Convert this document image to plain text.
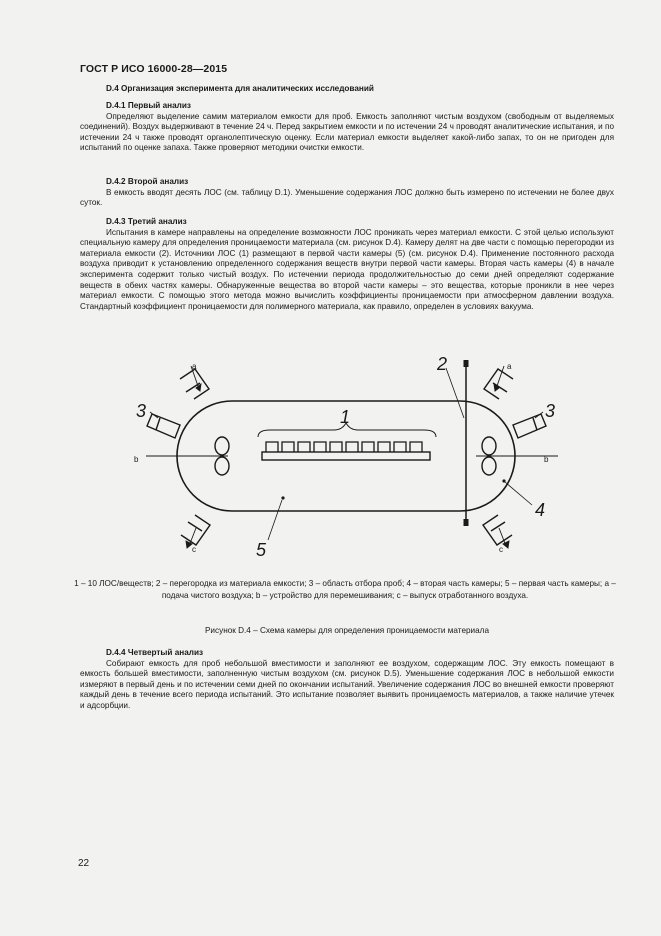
ГОСТ Р ИСО 16000-28—2015
D.4 Организация эксперимента для аналитических исследований
D.4.1 Первый анализ

Определяют выделение самим материалом емкости для проб. Емкость заполняют чистым воздухом (свободным от выделяемых соединений). Воздух выдерживают в течение 24 ч. Перед закрытием емкости и по истечении 24 ч проводят аналитические испытания, и по истечении 24 ч также проводят органолептическую оценку. Если материал емкости выделяет какой-либо запах, то он не пригоден для испытаний по оценке запаха. Также проверяют методики очистки емкости.

D.4.2 Второй анализ

В емкость вводят десять ЛОС (см. таблицу D.1). Уменьшение содержания ЛОС должно быть измерено по истечении не более двух суток.

D.4.3 Третий анализ

Испытания в камере направлены на определение возможности ЛОС проникать через материал емкости. С этой целью используют специальную камеру для определения проницаемости материала (см. рисунок D.4). Камеру делят на две части с помощью перегородки из материала емкости (2). Источники ЛОС (1) размещают в первой части камеры (5) (см. рисунок D.4). Применение постоянного расхода воздуха приводит к установлению определенного содержания веществ внутри первой части камеры. Вторая часть камеры (4) в начале эксперимента содержит только чистый воздух. По истечении периода продолжительностью до семи дней определяют содержание веществ в обеих частях камеры. Обнаруженные вещества во второй части камеры – это вещества, которые проникли в нее через материал емкости. С помощью этого метода можно вычислить коэффициенты проницаемости при атмосферном давлении воздуха. Стандартный коэффициент проницаемости для полимерного материала, как правило, определен в условиях вакуума.

1
2
3	3
4
5
a	a
b	b
c	c
1 – 10 ЛОС/веществ; 2 – перегородка из материала емкости; 3 – область отбора проб; 4 – вторая часть камеры; 5 – первая часть камеры; a – подача чистого воздуха; b – устройство для перемешивания; c – выпуск отработанного воздуха.
Рисунок D.4 – Схема камеры для определения проницаемости материала
D.4.4 Четвертый анализ

Собирают емкость для проб небольшой вместимости и заполняют ее воздухом, содержащим ЛОС. Эту емкость помещают в емкость большей вместимости, заполненную чистым воздухом (см. рисунок D.5). Уменьшение содержания ЛОС в небольшой емкости измеряют в первый день и по истечении семи дней по окончании испытаний. Увеличение содержания ЛОС во внешней емкости проверяют каждый день в течение всего периода испытаний. Это испытание позволяет выявить проницаемость материалов, а также наличие утечек и адсорбции.

22
